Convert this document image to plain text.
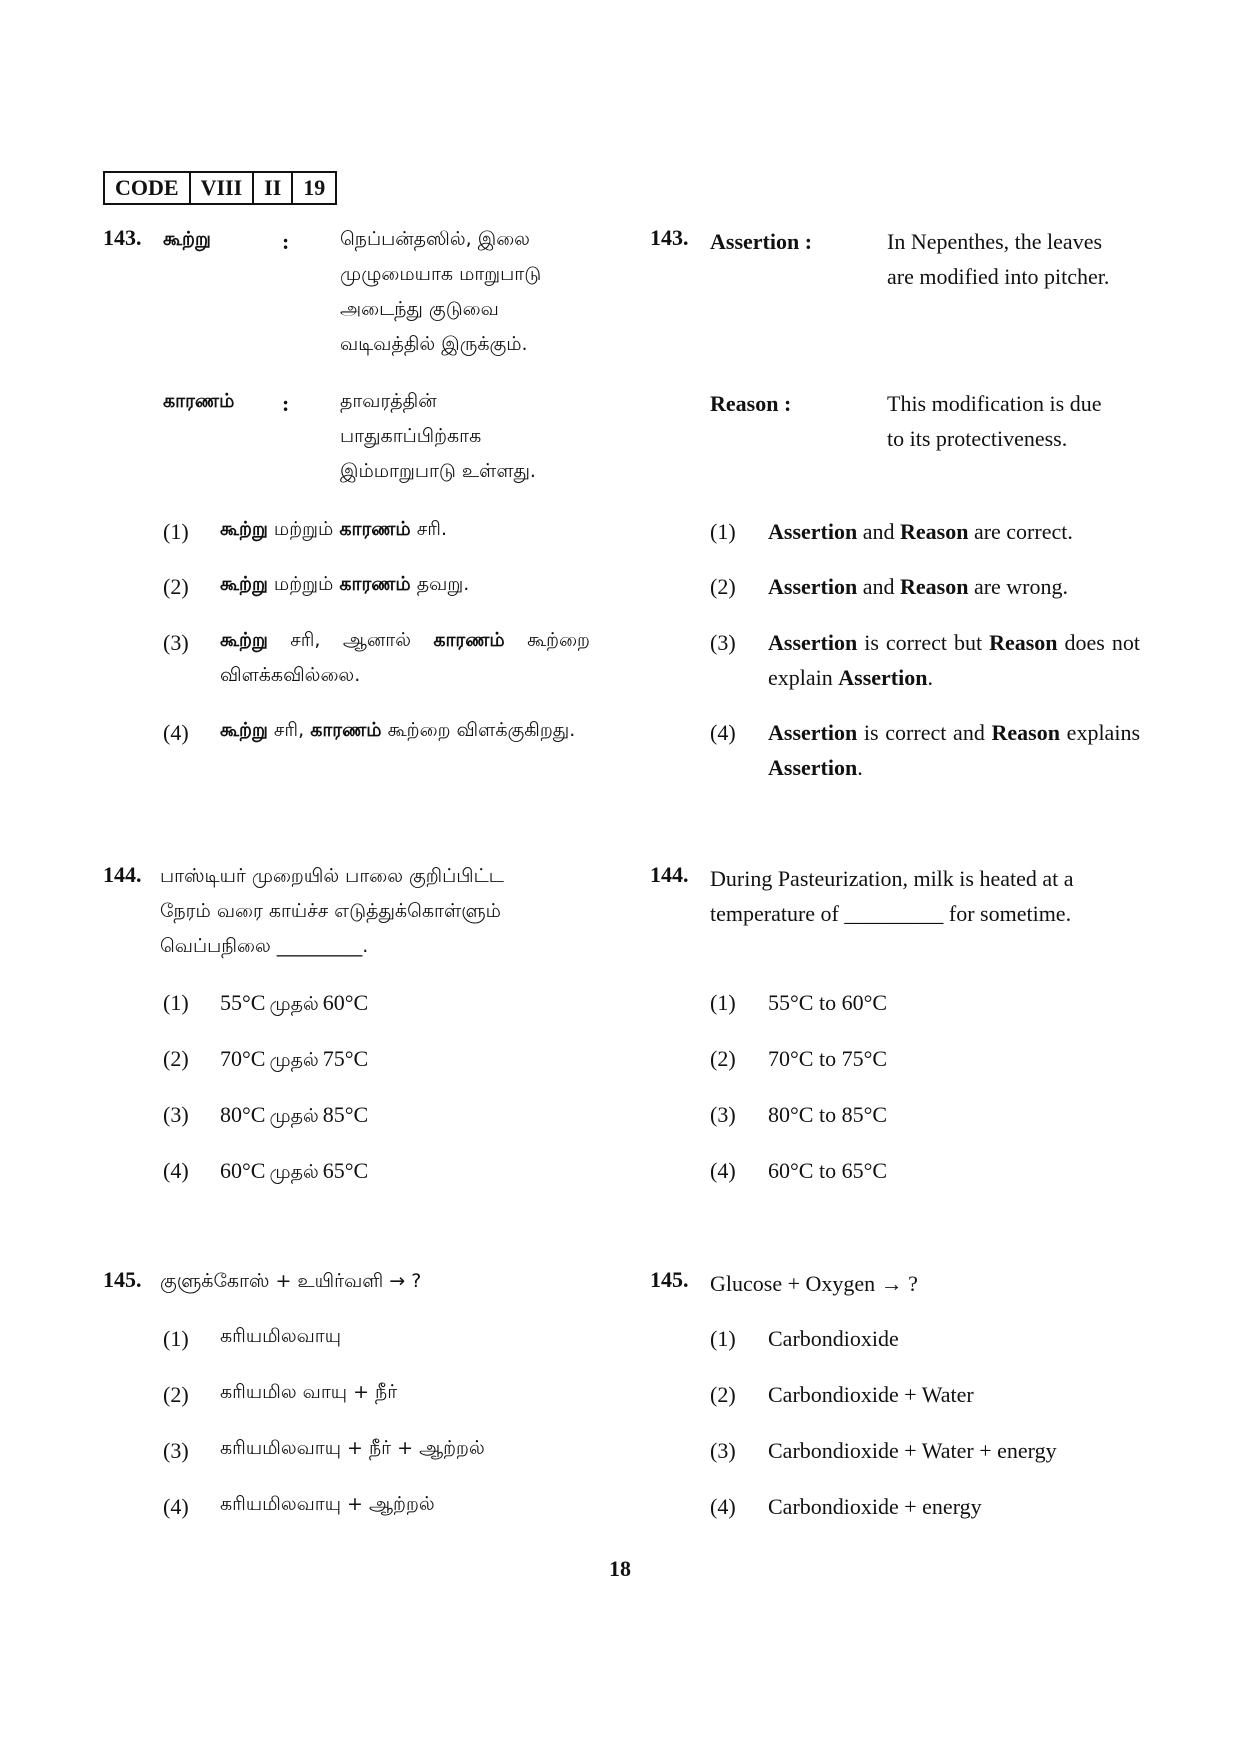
CODE	VIII	II	19
143. கூற்று	:	நெப்பன்தஸில், இலை
முழுமையாக மாறுபாடு
அடைந்து குடுவை
வடிவத்தில் இருக்கும்.
காரணம் :	தாவரத்தின்
பாதுகாப்பிற்காக
இம்மாறுபாடு உள்ளது.
(1) கூற்று மற்றும் காரணம் சரி.
(2) கூற்று மற்றும் காரணம் தவறு.
(3) கூற்று சரி, ஆனால் காரணம் கூற்றை விளக்கவில்லை.
(4) கூற்று சரி, காரணம் கூற்றை விளக்குகிறது.
144. பாஸ்டியர் முறையில் பாலை குறிப்பிட்ட
நேரம் வரை காய்ச்ச எடுத்துக்கொள்ளும்
வெப்பநிலை _________.
(1) 55°C முதல் 60°C
(2) 70°C முதல் 75°C
(3) 80°C முதல் 85°C
(4) 60°C முதல் 65°C
145. குளுக்கோஸ் + உயிர்வளி → ?
(1) கரியமிலவாயு
(2) கரியமில வாயு + நீர்
(3) கரியமிலவாயு + நீர் + ஆற்றல்
(4) கரியமிலவாயு + ஆற்றல்
143. Assertion :	In Nepenthes, the leaves
are modified into pitcher.
Reason :	This modification is due
to its protectiveness.
(1) Assertion and Reason are correct.
(2) Assertion and Reason are wrong.
(3) Assertion is correct but Reason does not explain Assertion.
(4) Assertion is correct and Reason explains Assertion.
144. During Pasteurization, milk is heated at a
temperature of _________ for sometime.
(1) 55°C to 60°C
(2) 70°C to 75°C
(3) 80°C to 85°C
(4) 60°C to 65°C
145. Glucose + Oxygen → ?
(1) Carbondioxide
(2) Carbondioxide + Water
(3) Carbondioxide + Water + energy
(4) Carbondioxide + energy
18
